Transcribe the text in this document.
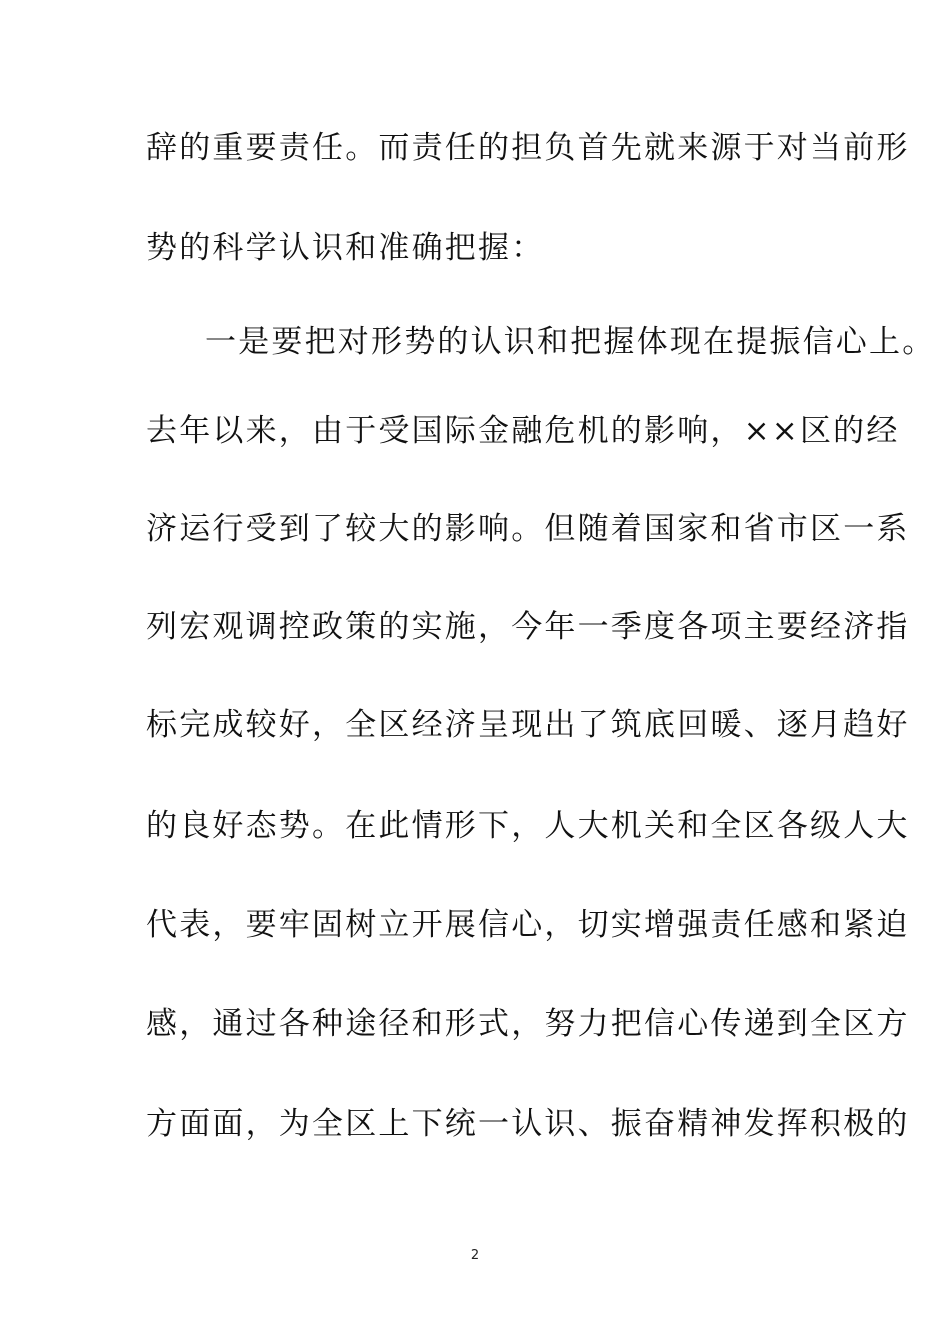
辞的重要责任。而责任的担负首先就来源于对当前形
势的科学认识和准确把握：
一是要把对形势的认识和把握体现在提振信心上。
去年以来，由于受国际金融危机的影响，××区的经
济运行受到了较大的影响。但随着国家和省市区一系
列宏观调控政策的实施，今年一季度各项主要经济指
标完成较好，全区经济呈现出了筑底回暖、逐月趋好
的良好态势。在此情形下，人大机关和全区各级人大
代表，要牢固树立开展信心，切实增强责任感和紧迫
感，通过各种途径和形式，努力把信心传递到全区方
方面面，为全区上下统一认识、振奋精神发挥积极的
2
